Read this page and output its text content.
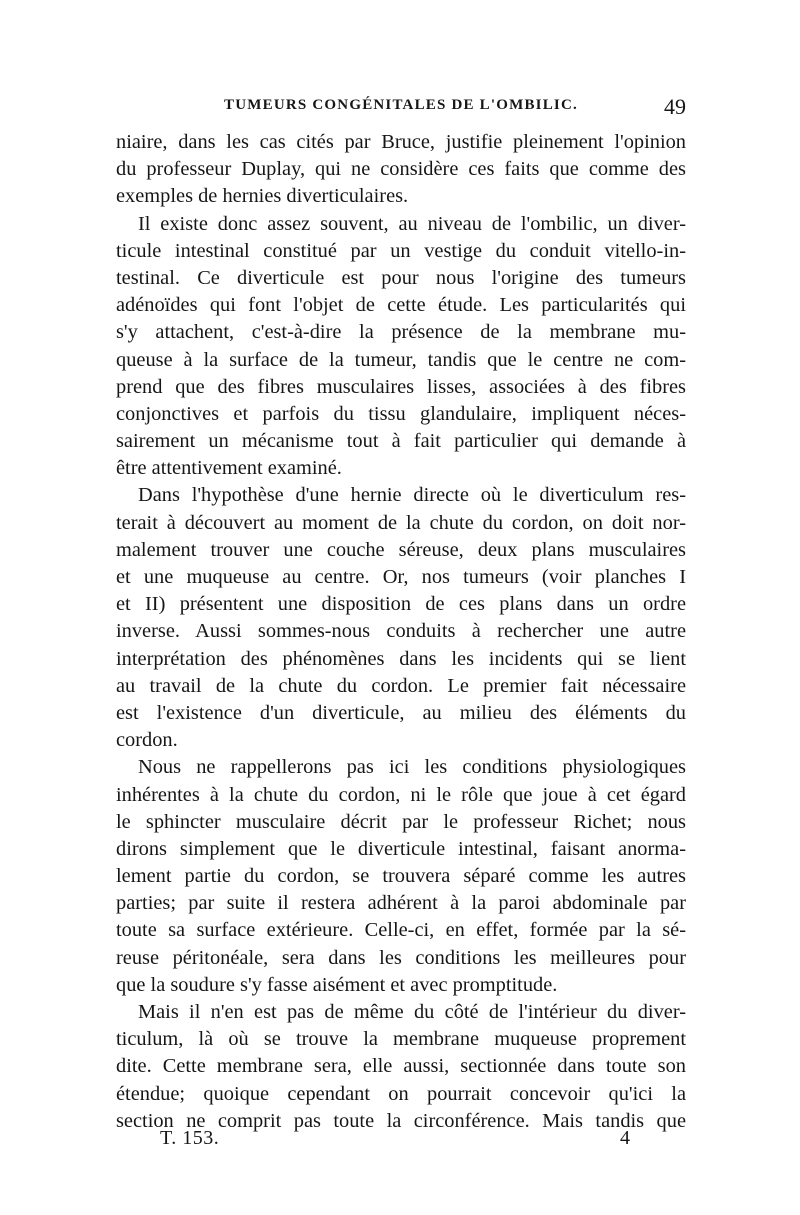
TUMEURS CONGÉNITALES DE L'OMBILIC.	49
niaire, dans les cas cités par Bruce, justifie pleinement l'opinion
du professeur Duplay, qui ne considère ces faits que comme des
exemples de hernies diverticulaires.
Il existe donc assez souvent, au niveau de l'ombilic, un diver-
ticule intestinal constitué par un vestige du conduit vitello-in-
testinal. Ce diverticule est pour nous l'origine des tumeurs
adénoïdes qui font l'objet de cette étude. Les particularités qui
s'y attachent, c'est-à-dire la présence de la membrane mu-
queuse à la surface de la tumeur, tandis que le centre ne com-
prend que des fibres musculaires lisses, associées à des fibres
conjonctives et parfois du tissu glandulaire, impliquent néces-
sairement un mécanisme tout à fait particulier qui demande à
être attentivement examiné.
Dans l'hypothèse d'une hernie directe où le diverticulum res-
terait à découvert au moment de la chute du cordon, on doit nor-
malement trouver une couche séreuse, deux plans musculaires
et une muqueuse au centre. Or, nos tumeurs (voir planches I
et II) présentent une disposition de ces plans dans un ordre
inverse. Aussi sommes-nous conduits à rechercher une autre
interprétation des phénomènes dans les incidents qui se lient
au travail de la chute du cordon. Le premier fait nécessaire
est l'existence d'un diverticule, au milieu des éléments du
cordon.
Nous ne rappellerons pas ici les conditions physiologiques
inhérentes à la chute du cordon, ni le rôle que joue à cet égard
le sphincter musculaire décrit par le professeur Richet; nous
dirons simplement que le diverticule intestinal, faisant anorma-
lement partie du cordon, se trouvera séparé comme les autres
parties; par suite il restera adhérent à la paroi abdominale par
toute sa surface extérieure. Celle-ci, en effet, formée par la sé-
reuse péritonéale, sera dans les conditions les meilleures pour
que la soudure s'y fasse aisément et avec promptitude.
Mais il n'en est pas de même du côté de l'intérieur du diver-
ticulum, là où se trouve la membrane muqueuse proprement
dite. Cette membrane sera, elle aussi, sectionnée dans toute son
étendue; quoique cependant on pourrait concevoir qu'ici la
section ne comprit pas toute la circonférence. Mais tandis que
T. 153.	4
